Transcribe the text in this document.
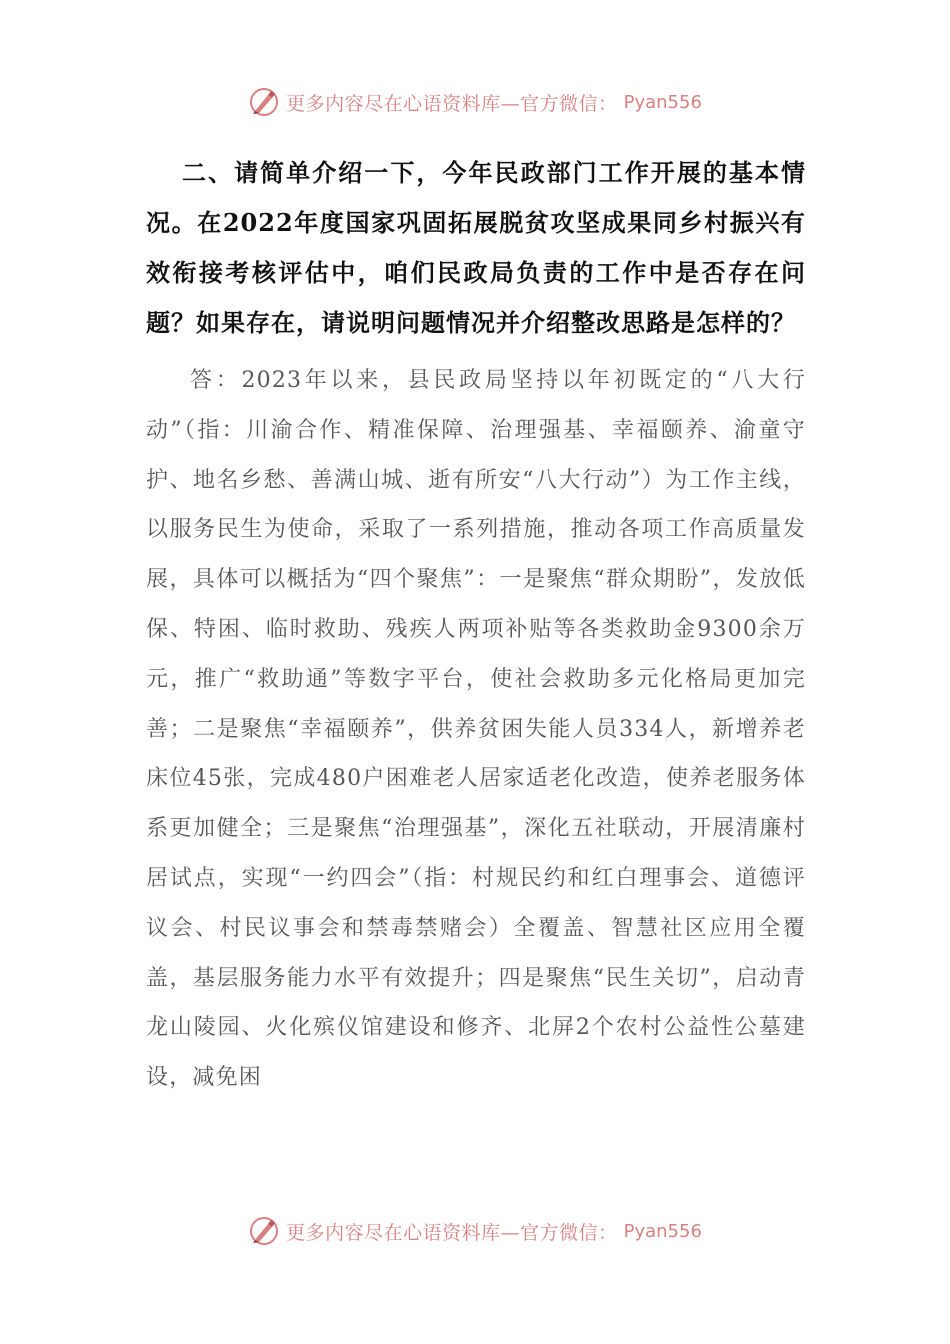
更多内容尽在心语资料库—官方微信： Pyan556

二、请简单介绍一下，今年民政部门工作开展的基本情况。在2022年度国家巩固拓展脱贫攻坚成果同乡村振兴有效衔接考核评估中，咱们民政局负责的工作中是否存在问题？如果存在，请说明问题情况并介绍整改思路是怎样的？

答：2023年以来，县民政局坚持以年初既定的“八大行动”（指：川渝合作、精准保障、治理强基、幸福颐养、渝童守护、地名乡愁、善满山城、逝有所安“八大行动”）为工作主线，以服务民生为使命，采取了一系列措施，推动各项工作高质量发展，具体可以概括为“四个聚焦”：一是聚焦“群众期盼”，发放低保、特困、临时救助、残疾人两项补贴等各类救助金9300余万元，推广“救助通”等数字平台，使社会救助多元化格局更加完善；二是聚焦“幸福颐养”，供养贫困失能人员334人，新增养老床位45张，完成480户困难老人居家适老化改造，使养老服务体系更加健全；三是聚焦“治理强基”，深化五社联动，开展清廉村居试点，实现“一约四会”（指：村规民约和红白理事会、道德评议会、村民议事会和禁毒禁赌会）全覆盖、智慧社区应用全覆盖，基层服务能力水平有效提升；四是聚焦“民生关切”，启动青龙山陵园、火化殡仪馆建设和修齐、北屏2个农村公益性公墓建设，减免困

更多内容尽在心语资料库—官方微信： Pyan556
